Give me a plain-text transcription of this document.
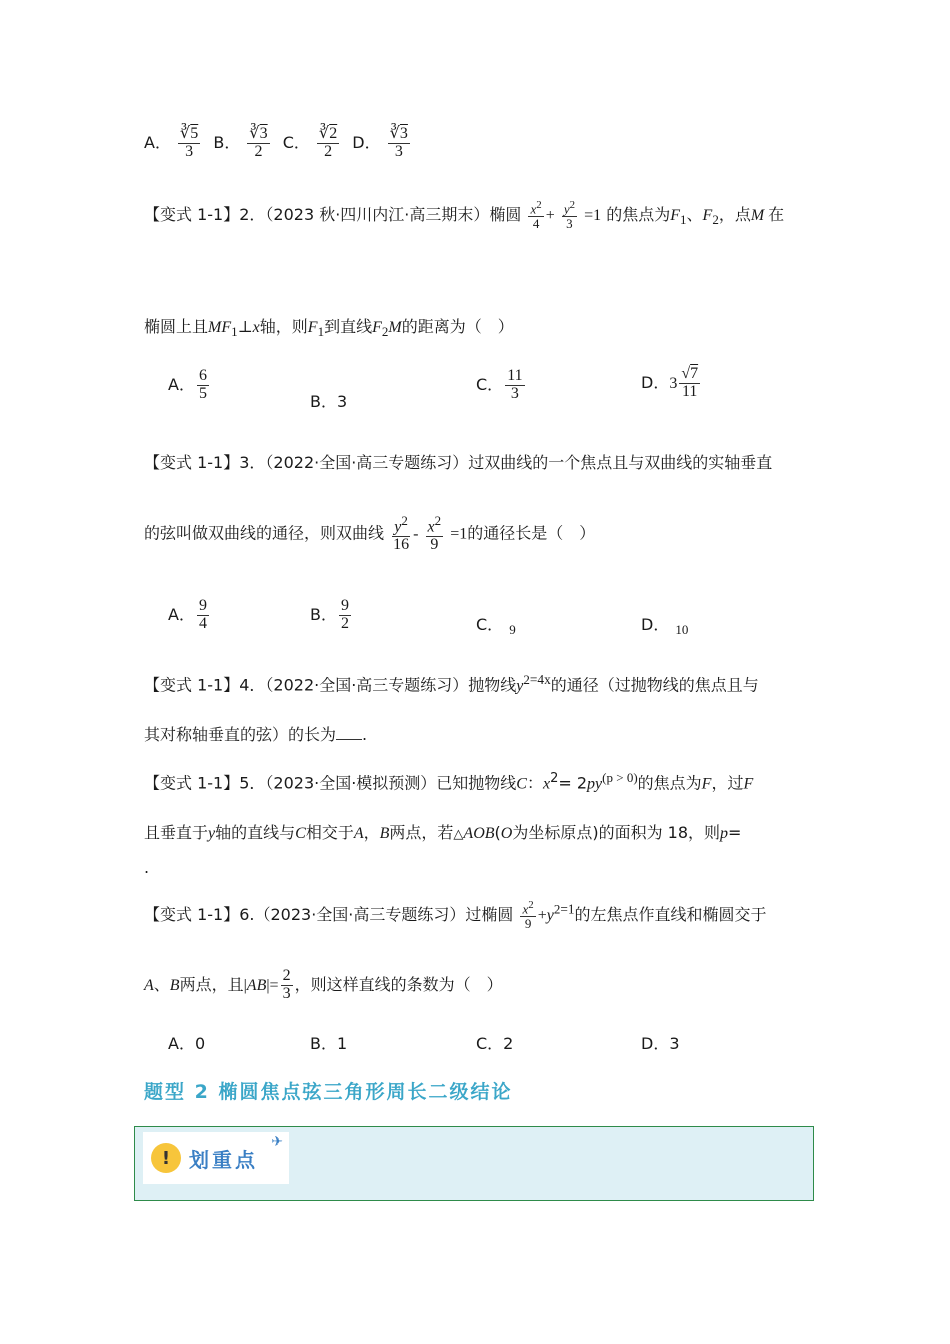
A． $\frac{∛5}{3}$ B． $\frac{∛3}{2}$ C． $\frac{∛2}{2}$ D． $\frac{∛3}{3}$
【变式 1-1】2．（2023 秋·四川内江·高三期末）椭圆 $\frac{x^2}{4} + \frac{y^2}{3} =1$ 的焦点为$F_1$、$F_2$，点M 在
椭圆上且$MF_1\perp x$轴，则$F_1$到直线$F_2M$的距离为（　）
A． $\frac{6}{5}$	B．3
C． $\frac{11}{3}$	D．$3 \frac{√7}{11}$
【变式 1-1】3．（2022·全国·高三专题练习）过双曲线的一个焦点且与双曲线的实轴垂直
的弦叫做双曲线的通径，则双曲线 $\frac{y^2}{16} - \frac{x^2}{9} =1$的通径长是（　）
A． $\frac{9}{4}$	B． $\frac{9}{2}$	C． $_9$	D． $_{10}$
【变式 1-1】4．（2022·全国·高三专题练习）抛物线$y^{2=4x}$的通径（过抛物线的焦点且与
其对称轴垂直的弦）的长为 .
【变式 1-1】5．（2023·全国·模拟预测）已知抛物线C：$x^2= 2py^{(p > 0)}$的焦点为F，过F
且垂直于y轴的直线与C相交于A，B两点，若△AOB(O为坐标原点)的面积为 18，则p=
.
【变式 1-1】6.（2023·全国·高三专题练习）过椭圆 $\frac{x^2}{9} +y^{2=1}$的左焦点作直线和椭圆交于
A、B两点，且$|AB|= \frac{2}{3}$ ，则这样直线的条数为（　）
A．0	B．1	C．2	D．3
题型 2 椭圆焦点弦三角形周长二级结论
! 划重点
✈
